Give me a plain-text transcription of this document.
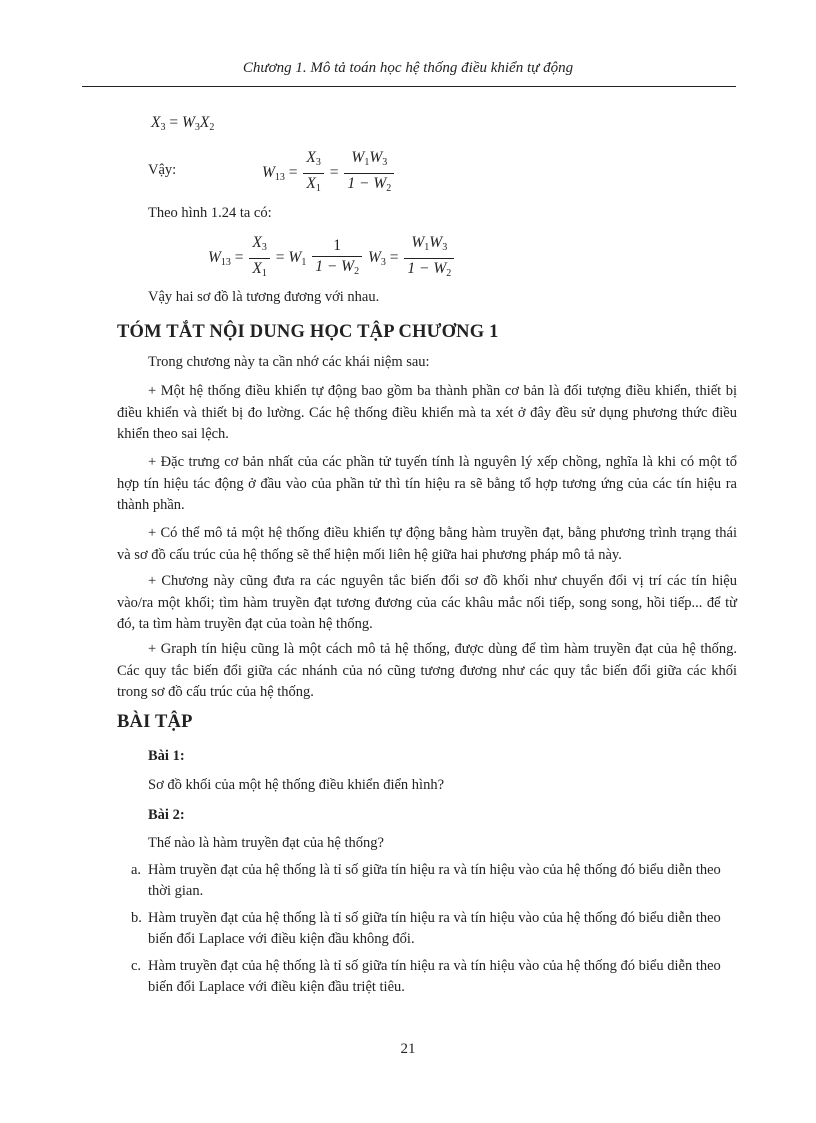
Chương 1. Mô tả toán học hệ thống điều khiển tự động
$X_3 = W_3X_2$
Vậy:	$W_{13} = \frac{X_3}{X_1} = \frac{W_1W_3}{1 - W_2}$
Theo hình 1.24 ta có:
$W_{13} = \frac{X_3}{X_1} = W_1 \frac{1}{1 - W_2} W_3 = \frac{W_1W_3}{1 - W_2}$
Vậy hai sơ đồ là tương đương với nhau.
TÓM TẮT NỘI DUNG HỌC TẬP CHƯƠNG 1
Trong chương này ta cần nhớ các khái niệm sau:

+ Một hệ thống điều khiển tự động bao gồm ba thành phần cơ bản là đối tượng điều khiển, thiết bị điều khiển và thiết bị đo lường. Các hệ thống điều khiển mà ta xét ở đây đều sử dụng phương thức điều khiển theo sai lệch.

+ Đặc trưng cơ bản nhất của các phần tử tuyến tính là nguyên lý xếp chồng, nghĩa là khi có một tổ hợp tín hiệu tác động ở đầu vào của phần tử thì tín hiệu ra sẽ bằng tổ hợp tương ứng của các tín hiệu ra thành phần.

+ Có thể mô tả một hệ thống điều khiển tự động bằng hàm truyền đạt, bằng phương trình trạng thái và sơ đồ cấu trúc của hệ thống sẽ thể hiện mối liên hệ giữa hai phương pháp mô tả này.

+ Chương này cũng đưa ra các nguyên tắc biến đổi sơ đồ khối như chuyển đổi vị trí các tín hiệu vào/ra một khối; tìm hàm truyền đạt tương đương của các khâu mắc nối tiếp, song song, hồi tiếp... để từ đó, ta tìm hàm truyền đạt của toàn hệ thống.

+ Graph tín hiệu cũng là một cách mô tả hệ thống, được dùng để tìm hàm truyền đạt của hệ thống. Các quy tắc biến đổi giữa các nhánh của nó cũng tương đương như các quy tắc biến đổi giữa các khối trong sơ đồ cấu trúc của hệ thống.

BÀI TẬP
Bài 1:
Sơ đồ khối của một hệ thống điều khiển điển hình?
Bài 2:
Thế nào là hàm truyền đạt của hệ thống?
a. Hàm truyền đạt của hệ thống là tỉ số giữa tín hiệu ra và tín hiệu vào của hệ thống đó biểu diễn theo thời gian.
b. Hàm truyền đạt của hệ thống là tỉ số giữa tín hiệu ra và tín hiệu vào của hệ thống đó biểu diễn theo biến đổi Laplace với điều kiện đầu không đổi.
c. Hàm truyền đạt của hệ thống là tỉ số giữa tín hiệu ra và tín hiệu vào của hệ thống đó biểu diễn theo biến đổi Laplace với điều kiện đầu triệt tiêu.
21
